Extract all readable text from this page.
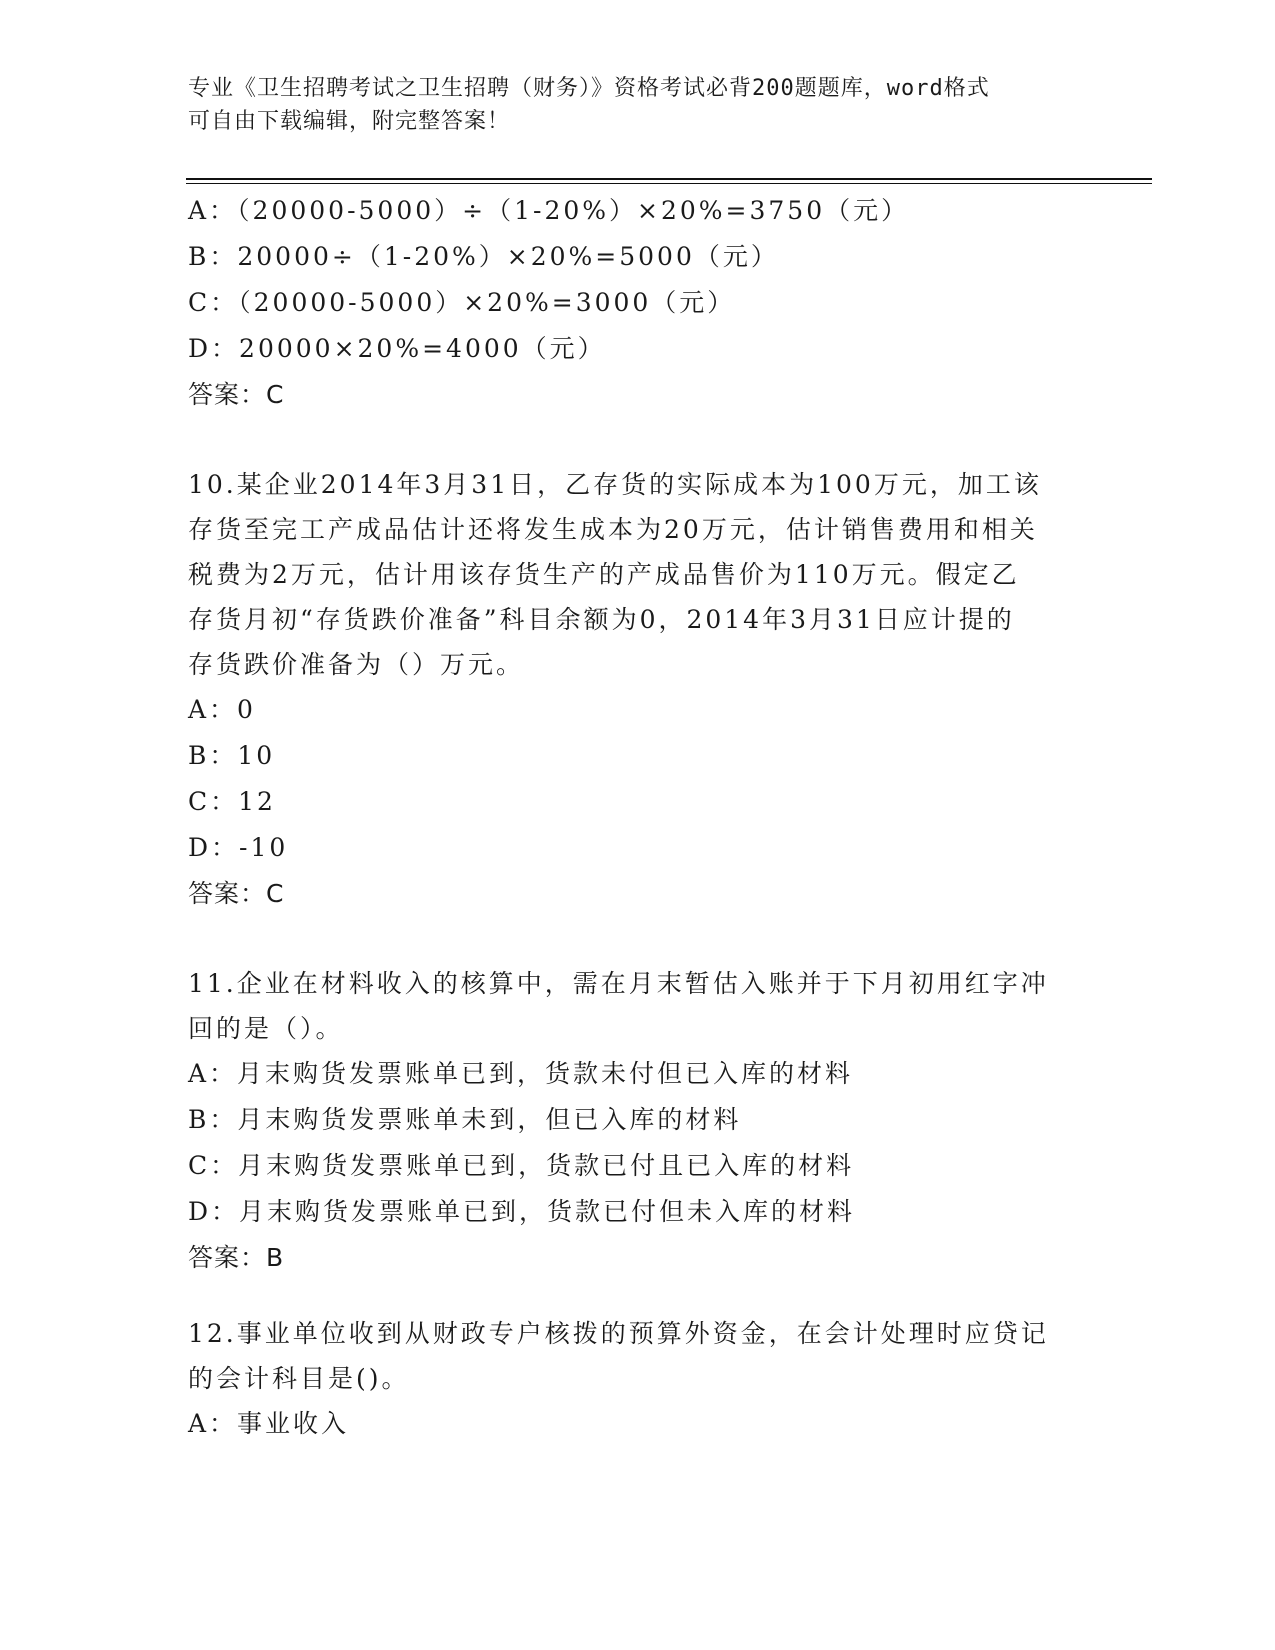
专业《卫生招聘考试之卫生招聘（财务）》资格考试必背200题题库，word格式
可自由下载编辑，附完整答案！
A：（20000-5000）÷（1-20%）×20%=3750（元）
B：20000÷（1-20%）×20%=5000（元）
C：（20000-5000）×20%=3000（元）
D：20000×20%=4000（元）
答案：C
10.某企业2014年3月31日，乙存货的实际成本为100万元，加工该
存货至完工产成品估计还将发生成本为20万元，估计销售费用和相关
税费为2万元，估计用该存货生产的产成品售价为110万元。假定乙
存货月初“存货跌价准备”科目余额为0，2014年3月31日应计提的
存货跌价准备为（）万元。
A：0
B：10
C：12
D：-10
答案：C
11.企业在材料收入的核算中，需在月末暂估入账并于下月初用红字冲
回的是（）。
A：月末购货发票账单已到，货款未付但已入库的材料
B：月末购货发票账单未到，但已入库的材料
C：月末购货发票账单已到，货款已付且已入库的材料
D：月末购货发票账单已到，货款已付但未入库的材料
答案：B
12.事业单位收到从财政专户核拨的预算外资金，在会计处理时应贷记
的会计科目是()。
A：事业收入
